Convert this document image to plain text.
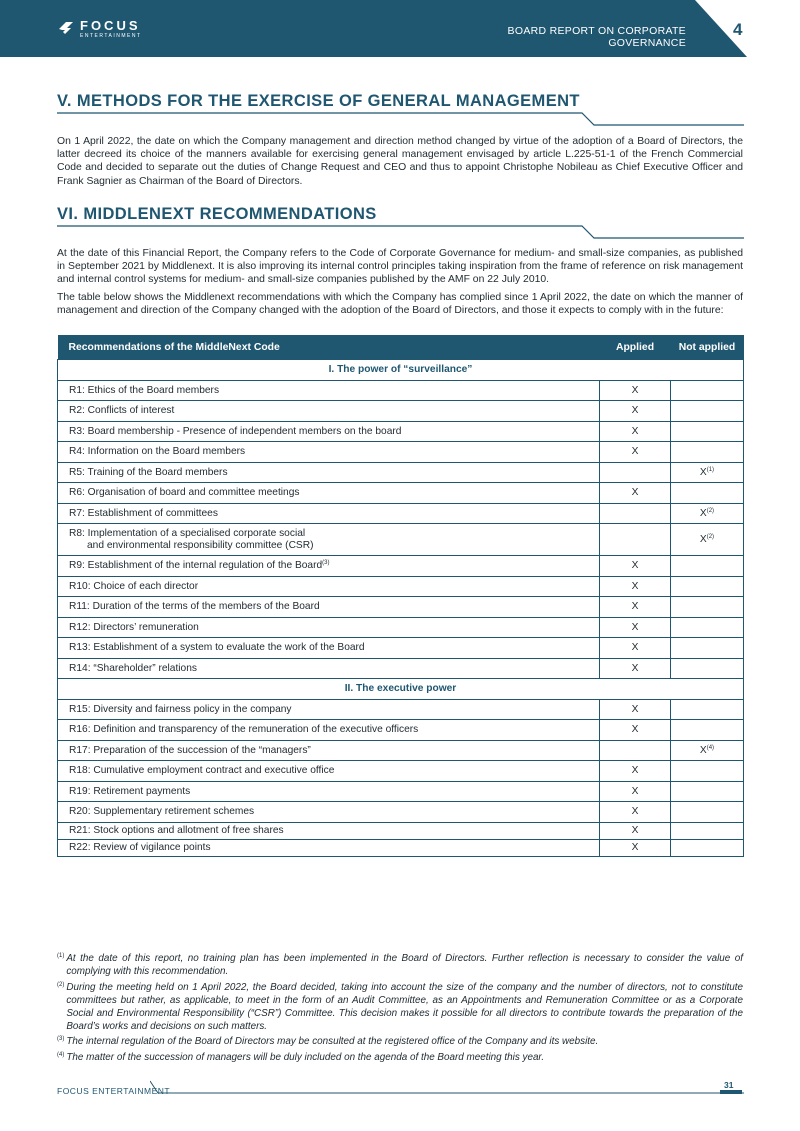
FOCUS
ENTERTAINMENT	BOARD REPORT ON CORPORATE GOVERNANCE
4
V. METHODS FOR THE EXERCISE OF GENERAL MANAGEMENT
On 1 April 2022, the date on which the Company management and direction method changed by virtue of the adoption of a Board of Directors, the latter decreed its choice of the manners available for exercising general management envisaged by article L.225-51-1 of the French Commercial Code and decided to separate out the duties of Change Request and CEO and thus to appoint Christophe Nobileau as Chief Executive Officer and Frank Sagnier as Chairman of the Board of Directors.
VI. MIDDLENEXT RECOMMENDATIONS
At the date of this Financial Report, the Company refers to the Code of Corporate Governance for medium- and small-size companies, as published in September 2021 by Middlenext. It is also improving its internal control principles taking inspiration from the frame of reference on risk management and internal control systems for medium- and small-size companies published by the AMF on 22 July 2010.
The table below shows the Middlenext recommendations with which the Company has complied since 1 April 2022, the date on which the manner of management and direction of the Company changed with the adoption of the Board of Directors, and those it expects to comply with in the future:
Recommendations of the MiddleNext Code	Applied	Not applied
I. The power of “surveillance”		
R1: Ethics of the Board members	X	
R2: Conflicts of interest	X	
R3: Board membership - Presence of independent members on the board	X	
R4: Information on the Board members	X	
R5: Training of the Board members		$X^{(1)}$
R6: Organisation of board and committee meetings	X	
R7: Establishment of committees		$X^{(2)}$
R8: Implementation of a specialised corporate social
and environmental responsibility committee (CSR)		$X^{(2)}$
R9: Establishment of the internal regulation of the Board$^{(3)}$	X	
R10: Choice of each director	X	
R11: Duration of the terms of the members of the Board	X	
R12: Directors’ remuneration	X	
R13: Establishment of a system to evaluate the work of the Board	X	
R14: “Shareholder” relations	X	
II. The executive power		
R15: Diversity and fairness policy in the company	X	
R16: Definition and transparency of the remuneration of the executive officers	X	
R17: Preparation of the succession of the “managers”		$X^{(4)}$
R18: Cumulative employment contract and executive office	X	
R19: Retirement payments	X	
R20: Supplementary retirement schemes	X	
R21: Stock options and allotment of free shares	X	
R22: Review of vigilance points	X	
(1) At the date of this report, no training plan has been implemented in the Board of Directors. Further reflection is necessary to consider the value of complying with this recommendation.
(2) During the meeting held on 1 April 2022, the Board decided, taking into account the size of the company and the number of directors, not to constitute committees but rather, as applicable, to meet in the form of an Audit Committee, as an Appointments and Remuneration Committee or as a Corporate Social and Environmental Responsibility (“CSR”) Committee. This decision makes it possible for all directors to contribute towards the preparation of the Board’s works and decisions on such matters.
(3) The internal regulation of the Board of Directors may be consulted at the registered office of the Company and its website.
(4) The matter of the succession of managers will be duly included on the agenda of the Board meeting this year.
FOCUS ENTERTAINMENT
31
